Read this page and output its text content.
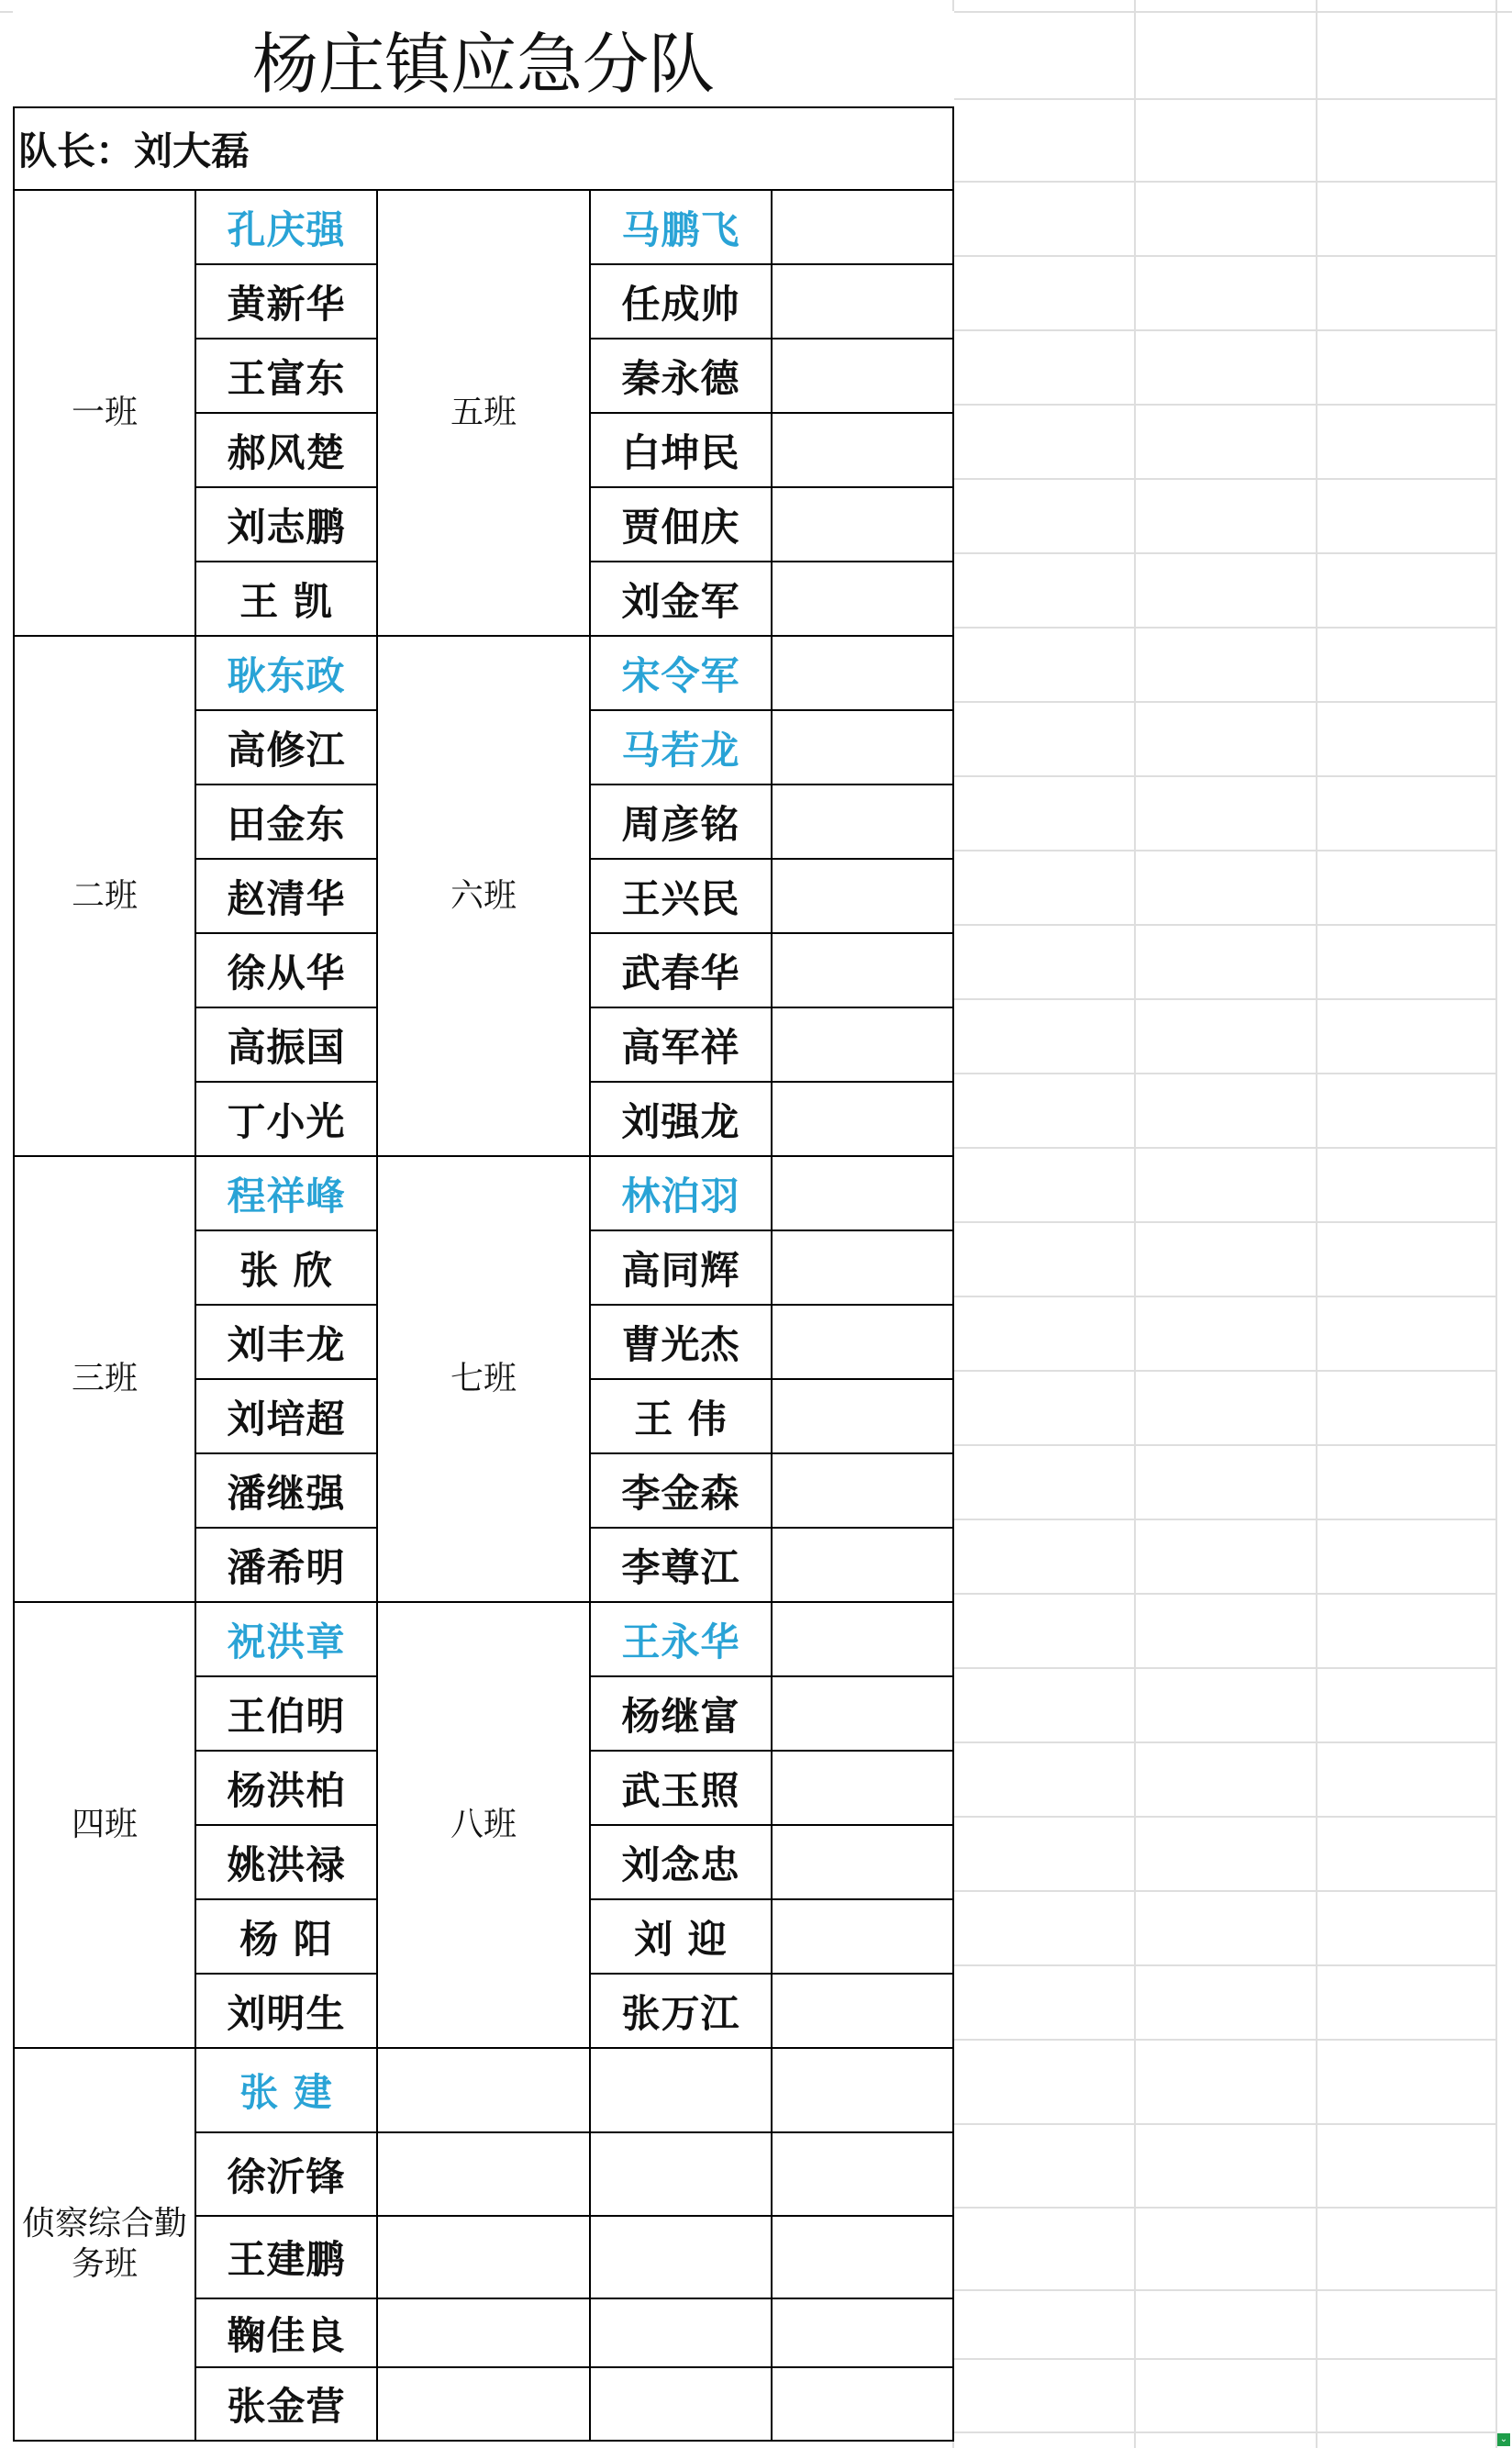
杨庄镇应急分队				
队长：刘大磊				
一班	孔庆强	五班	马鹏飞	
	黄新华		任成帅	
	王富东		秦永德	
	郝风楚		白坤民	
	刘志鹏		贾佃庆	
	王 凯		刘金军	
二班	耿东政	六班	宋令军	
	高修江		马若龙	
	田金东		周彦铭	
	赵清华		王兴民	
	徐从华		武春华	
	高振国		高军祥	
	丁小光		刘强龙	
三班	程祥峰	七班	林泊羽	
	张 欣		高同辉	
	刘丰龙		曹光杰	
	刘培超		王 伟	
	潘继强		李金森	
	潘希明		李尊江	
四班	祝洪章	八班	王永华	
	王伯明		杨继富	
	杨洪柏		武玉照	
	姚洪禄		刘念忠	
	杨 阳		刘 迎	
	刘明生		张万江	
侦察综合勤务班	张 建			
	徐沂锋			
	王建鹏			
	鞠佳良			
	张金营			
⌄
